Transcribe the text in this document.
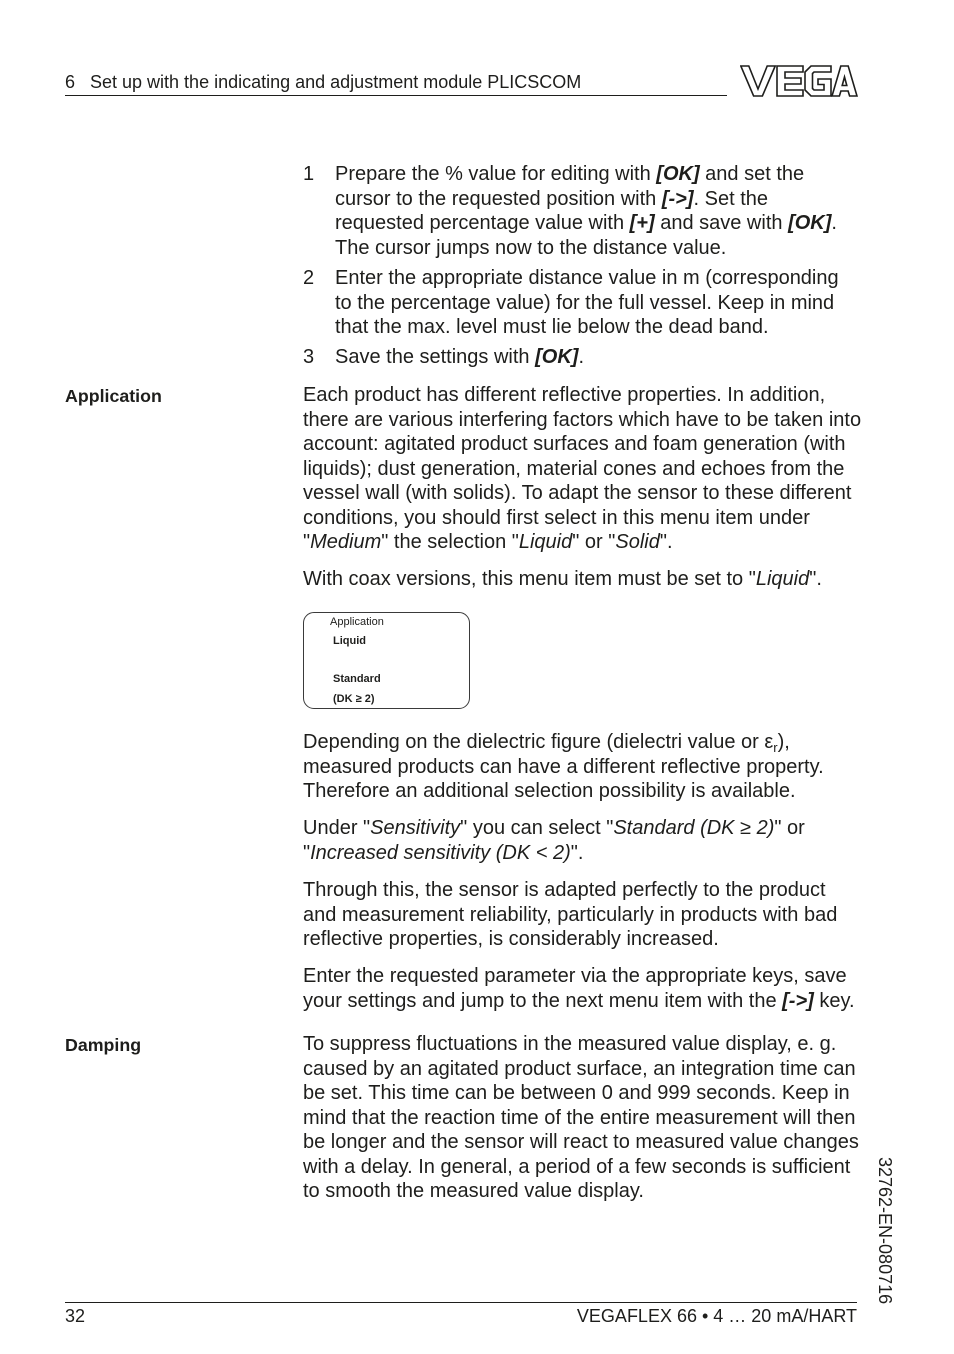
6 Set up with the indicating and adjustment module PLICSCOM
1 Prepare the % value for editing with [OK] and set the
cursor to the requested position with [->]. Set the
requested percentage value with [+] and save with [OK].
The cursor jumps now to the distance value.
2 Enter the appropriate distance value in m (corresponding
to the percentage value) for the full vessel. Keep in mind
that the max. level must lie below the dead band.
3 Save the settings with [OK].
Application	Each product has different reflective properties. In addition,
there are various interfering factors which have to be taken into
account: agitated product surfaces and foam generation (with
liquids); dust generation, material cones and echoes from the
vessel wall (with solids). To adapt the sensor to these different
conditions, you should first select in this menu item under
"Medium" the selection "Liquid" or "Solid".
With coax versions, this menu item must be set to "Liquid".
Application
Liquid
Standard
(DK ≥ 2)
Depending on the dielectric figure (dielectri value or $\varepsilon_r$),
measured products can have a different reflective property.
Therefore an additional selection possibility is available.
Under "Sensitivity" you can select "Standard (DK ≥ 2)" or
"Increased sensitivity (DK < 2)".
Through this, the sensor is adapted perfectly to the product
and measurement reliability, particularly in products with bad
reflective properties, is considerably increased.
Enter the requested parameter via the appropriate keys, save
your settings and jump to the next menu item with the [->] key.
Damping	To suppress fluctuations in the measured value display, e. g.
caused by an agitated product surface, an integration time can
be set. This time can be between 0 and 999 seconds. Keep in
mind that the reaction time of the entire measurement will then
be longer and the sensor will react to measured value changes
with a delay. In general, a period of a few seconds is sufficient
to smooth the measured value display.	32762-EN-080716
32	VEGAFLEX 66 • 4 … 20 mA/HART
